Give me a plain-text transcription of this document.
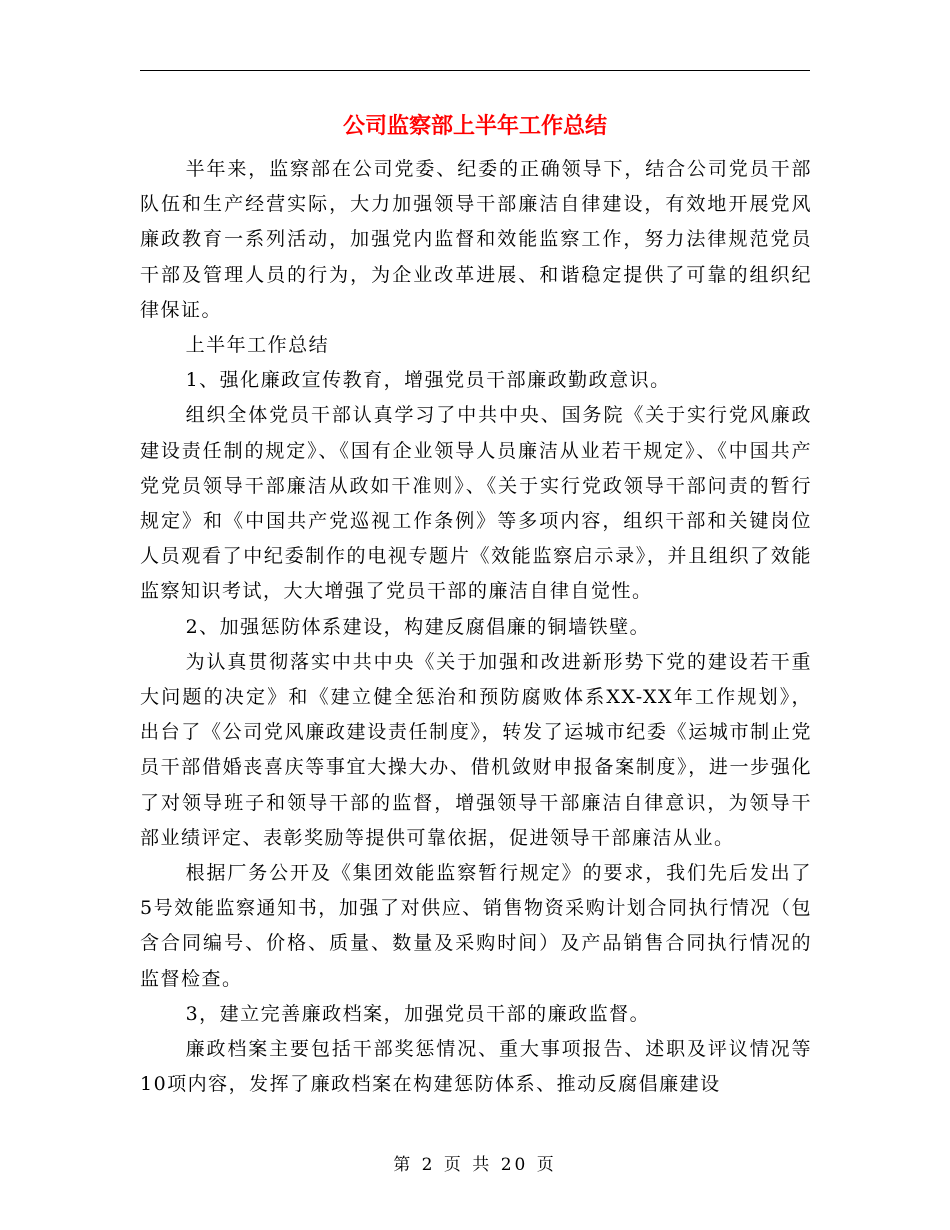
公司监察部上半年工作总结

半年来，监察部在公司党委、纪委的正确领导下，结合公司党员干部队伍和生产经营实际，大力加强领导干部廉洁自律建设，有效地开展党风廉政教育一系列活动，加强党内监督和效能监察工作，努力法律规范党员干部及管理人员的行为，为企业改革进展、和谐稳定提供了可靠的组织纪律保证。

上半年工作总结

1、强化廉政宣传教育，增强党员干部廉政勤政意识。

组织全体党员干部认真学习了中共中央、国务院《关于实行党风廉政建设责任制的规定》、《国有企业领导人员廉洁从业若干规定》、《中国共产党党员领导干部廉洁从政如干准则》、《关于实行党政领导干部问责的暂行规定》和《中国共产党巡视工作条例》等多项内容，组织干部和关键岗位人员观看了中纪委制作的电视专题片《效能监察启示录》，并且组织了效能监察知识考试，大大增强了党员干部的廉洁自律自觉性。

2、加强惩防体系建设，构建反腐倡廉的铜墙铁壁。

为认真贯彻落实中共中央《关于加强和改进新形势下党的建设若干重大问题的决定》和《建立健全惩治和预防腐败体系XX-XX年工作规划》，出台了《公司党风廉政建设责任制度》，转发了运城市纪委《运城市制止党员干部借婚丧喜庆等事宜大操大办、借机敛财申报备案制度》，进一步强化了对领导班子和领导干部的监督，增强领导干部廉洁自律意识，为领导干部业绩评定、表彰奖励等提供可靠依据，促进领导干部廉洁从业。

根据厂务公开及《集团效能监察暂行规定》的要求，我们先后发出了5号效能监察通知书，加强了对供应、销售物资采购计划合同执行情况（包含合同编号、价格、质量、数量及采购时间）及产品销售合同执行情况的监督检查。

3，建立完善廉政档案，加强党员干部的廉政监督。

廉政档案主要包括干部奖惩情况、重大事项报告、述职及评议情况等10项内容，发挥了廉政档案在构建惩防体系、推动反腐倡廉建设

第 2 页 共 20 页
